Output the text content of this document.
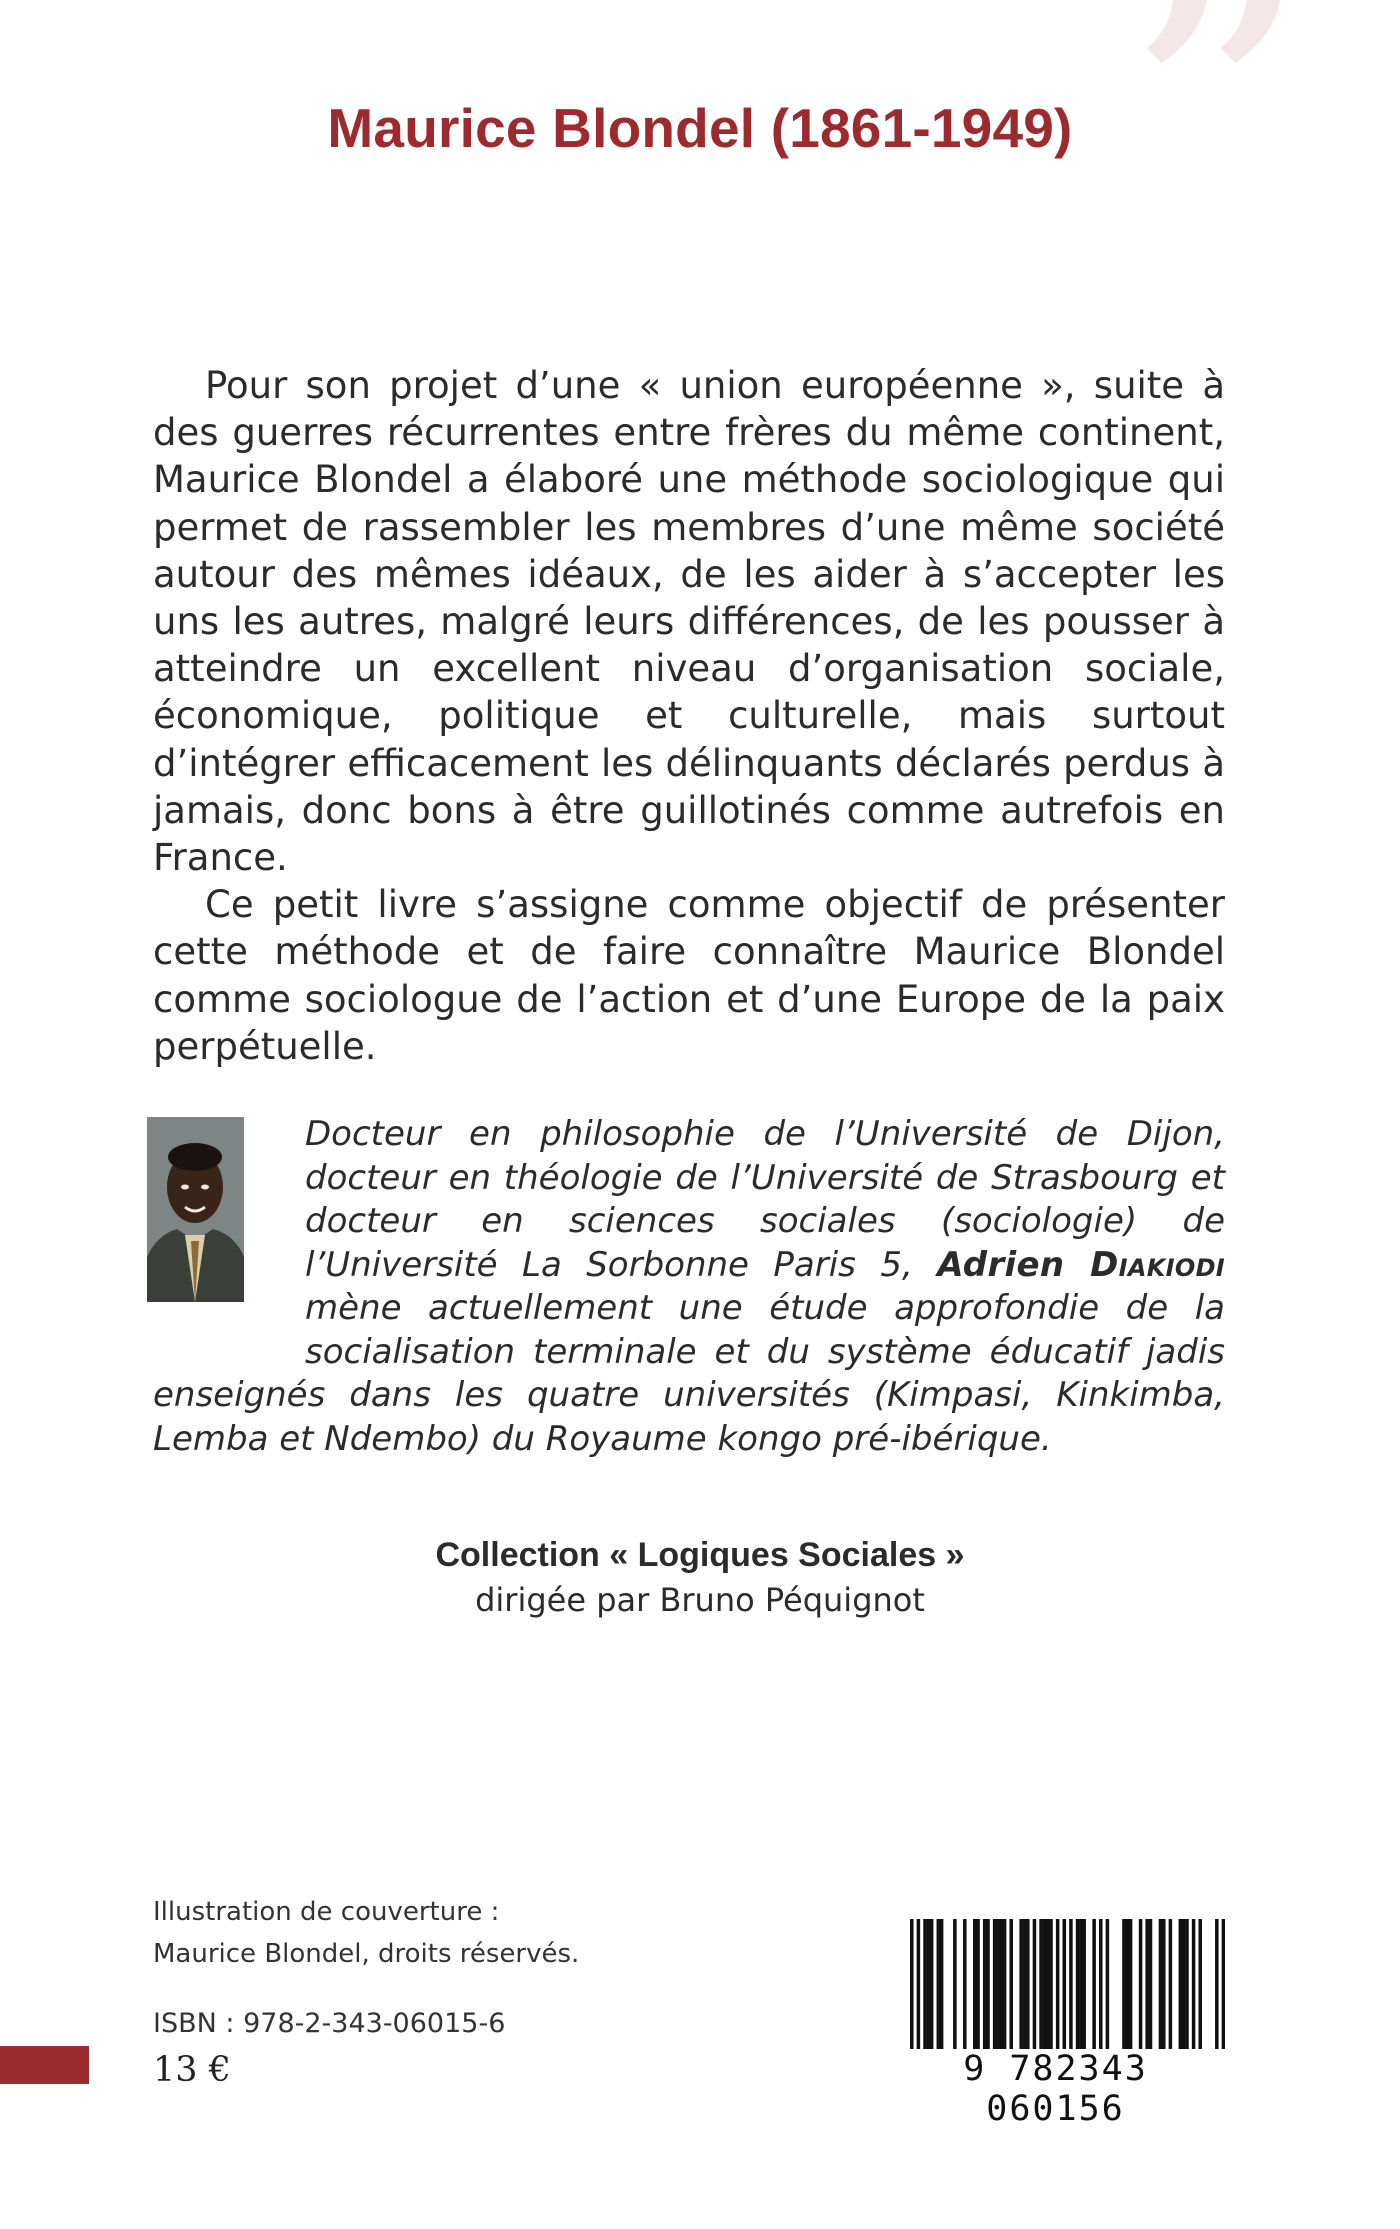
”
Maurice Blondel (1861-1949)

Pour son projet d’une « union européenne », suite à des guerres récurrentes entre frères du même continent, Maurice Blondel a élaboré une méthode sociologique qui permet de rassembler les membres d’une même société autour des mêmes idéaux, de les aider à s’accepter les uns les autres, malgré leurs différences, de les pousser à atteindre un excellent niveau d’organisation sociale, économique, politique et culturelle, mais surtout d’intégrer efficacement les délinquants déclarés perdus à jamais, donc bons à être guillotinés comme autrefois en France.

Ce petit livre s’assigne comme objectif de présenter cette méthode et de faire connaître Maurice Blondel comme sociologue de l’action et d’une Europe de la paix perpétuelle.

Docteur en philosophie de l’Université de Dijon, docteur en théologie de l’Université de Strasbourg et docteur en sciences sociales (sociologie) de l’Université La Sorbonne Paris 5, Adrien Diakiodi mène actuellement une étude approfondie de la socialisation terminale et du système éducatif jadis enseignés dans les quatre universités (Kimpasi, Kinkimba, Lemba et Ndembo) du Royaume kongo pré-ibérique.
Collection « Logiques Sociales »
dirigée par Bruno Péquignot
Illustration de couverture :
Maurice Blondel, droits réservés.
ISBN : 978-2-343-06015-6
13 €	9 782343 060156
